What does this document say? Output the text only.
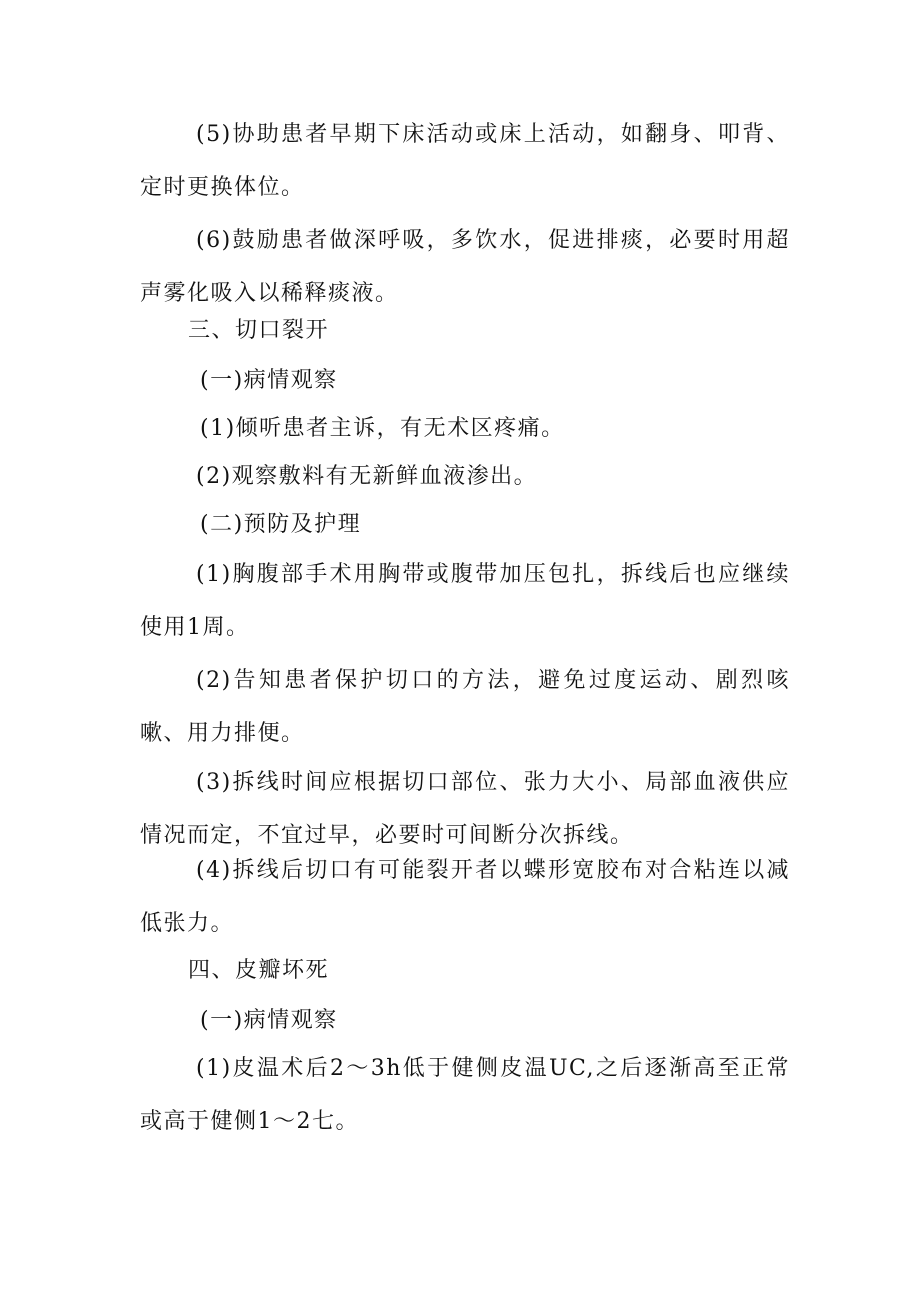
(5)协助患者早期下床活动或床上活动，如翻身、叩背、定时更换体位。

(6)鼓励患者做深呼吸，多饮水，促进排痰，必要时用超声雾化吸入以稀释痰液。

三、切口裂开

(一)病情观察

(1)倾听患者主诉，有无术区疼痛。

(2)观察敷料有无新鲜血液渗出。

(二)预防及护理

(1)胸腹部手术用胸带或腹带加压包扎，拆线后也应继续使用1周。

(2)告知患者保护切口的方法，避免过度运动、剧烈咳嗽、用力排便。

(3)拆线时间应根据切口部位、张力大小、局部血液供应情况而定，不宜过早，必要时可间断分次拆线。

(4)拆线后切口有可能裂开者以蝶形宽胶布对合粘连以减低张力。

四、皮瓣坏死

(一)病情观察

(1)皮温术后2～3h低于健侧皮温UC,之后逐渐高至正常或高于健侧1～2七。
